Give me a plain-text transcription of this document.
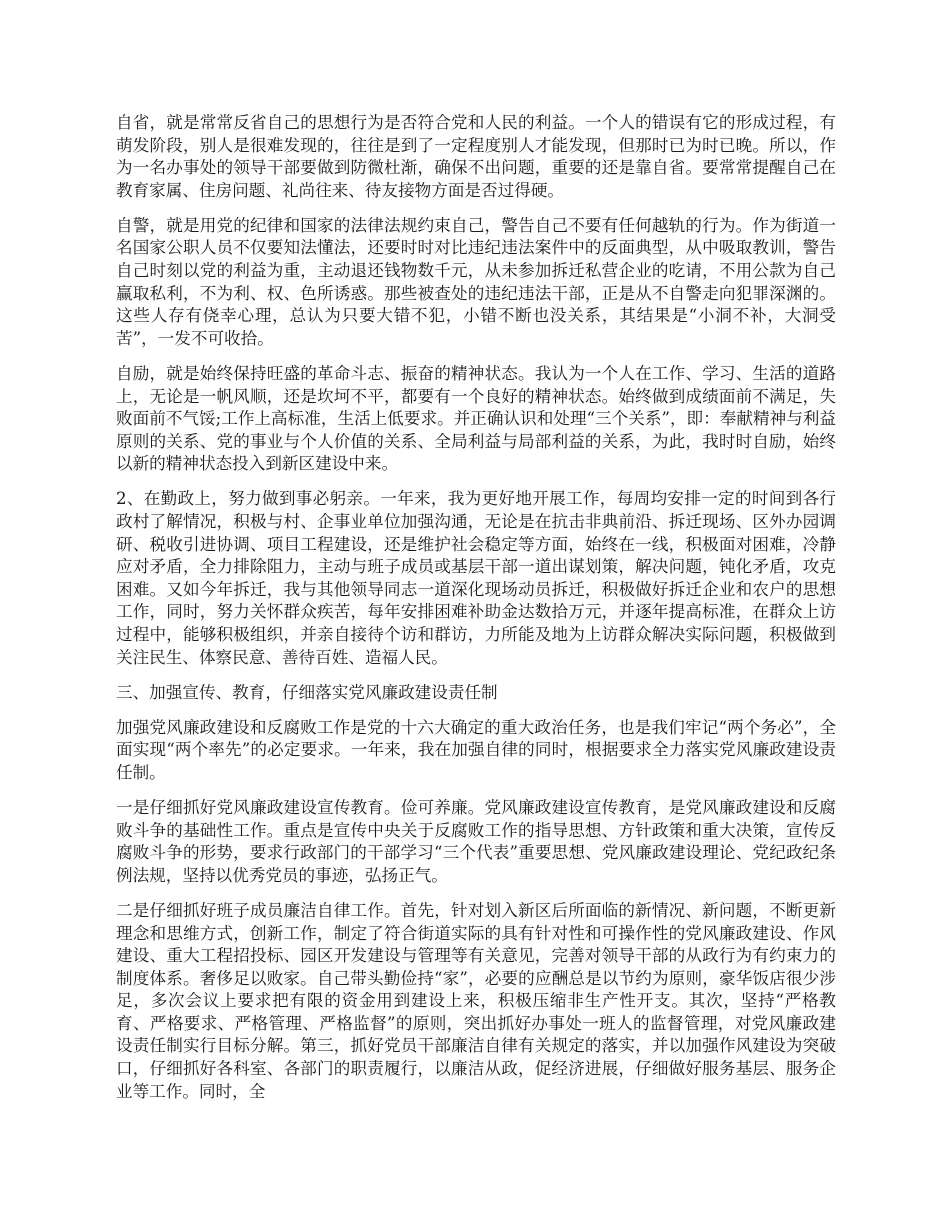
自省，就是常常反省自己的思想行为是否符合党和人民的利益。一个人的错误有它的形成过程，有萌发阶段，别人是很难发现的，往往是到了一定程度别人才能发现，但那时已为时已晚。所以，作为一名办事处的领导干部要做到防微杜渐，确保不出问题，重要的还是靠自省。要常常提醒自己在教育家属、住房问题、礼尚往来、待友接物方面是否过得硬。

自警，就是用党的纪律和国家的法律法规约束自己，警告自己不要有任何越轨的行为。作为街道一名国家公职人员不仅要知法懂法，还要时时对比违纪违法案件中的反面典型，从中吸取教训，警告自己时刻以党的利益为重，主动退还钱物数千元，从未参加拆迁私营企业的吃请，不用公款为自己赢取私利，不为利、权、色所诱惑。那些被查处的违纪违法干部，正是从不自警走向犯罪深渊的。这些人存有侥幸心理，总认为只要大错不犯，小错不断也没关系，其结果是“小洞不补，大洞受苦”，一发不可收拾。

自励，就是始终保持旺盛的革命斗志、振奋的精神状态。我认为一个人在工作、学习、生活的道路上，无论是一帆风顺，还是坎坷不平，都要有一个良好的精神状态。始终做到成绩面前不满足，失败面前不气馁;工作上高标准，生活上低要求。并正确认识和处理“三个关系”，即：奉献精神与利益原则的关系、党的事业与个人价值的关系、全局利益与局部利益的关系，为此，我时时自励，始终以新的精神状态投入到新区建设中来。

2、在勤政上，努力做到事必躬亲。一年来，我为更好地开展工作，每周均安排一定的时间到各行政村了解情况，积极与村、企事业单位加强沟通，无论是在抗击非典前沿、拆迁现场、区外办园调研、税收引进协调、项目工程建设，还是维护社会稳定等方面，始终在一线，积极面对困难，冷静应对矛盾，全力排除阻力，主动与班子成员或基层干部一道出谋划策，解决问题，钝化矛盾，攻克困难。又如今年拆迁，我与其他领导同志一道深化现场动员拆迁，积极做好拆迁企业和农户的思想工作，同时，努力关怀群众疾苦，每年安排困难补助金达数拾万元，并逐年提高标准，在群众上访过程中，能够积极组织，并亲自接待个访和群访，力所能及地为上访群众解决实际问题，积极做到关注民生、体察民意、善待百姓、造福人民。

三、加强宣传、教育，仔细落实党风廉政建设责任制

加强党风廉政建设和反腐败工作是党的十六大确定的重大政治任务，也是我们牢记“两个务必”，全面实现“两个率先”的必定要求。一年来，我在加强自律的同时，根据要求全力落实党风廉政建设责任制。

一是仔细抓好党风廉政建设宣传教育。俭可养廉。党风廉政建设宣传教育，是党风廉政建设和反腐败斗争的基础性工作。重点是宣传中央关于反腐败工作的指导思想、方针政策和重大决策，宣传反腐败斗争的形势，要求行政部门的干部学习“三个代表”重要思想、党风廉政建设理论、党纪政纪条例法规，坚持以优秀党员的事迹，弘扬正气。

二是仔细抓好班子成员廉洁自律工作。首先，针对划入新区后所面临的新情况、新问题，不断更新理念和思维方式，创新工作，制定了符合街道实际的具有针对性和可操作性的党风廉政建设、作风建设、重大工程招投标、园区开发建设与管理等有关意见，完善对领导干部的从政行为有约束力的制度体系。奢侈足以败家。自己带头勤俭持“家”，必要的应酬总是以节约为原则，豪华饭店很少涉足，多次会议上要求把有限的资金用到建设上来，积极压缩非生产性开支。其次，坚持“严格教育、严格要求、严格管理、严格监督”的原则，突出抓好办事处一班人的监督管理，对党风廉政建设责任制实行目标分解。第三，抓好党员干部廉洁自律有关规定的落实，并以加强作风建设为突破口，仔细抓好各科室、各部门的职责履行，以廉洁从政，促经济进展，仔细做好服务基层、服务企业等工作。同时，全
